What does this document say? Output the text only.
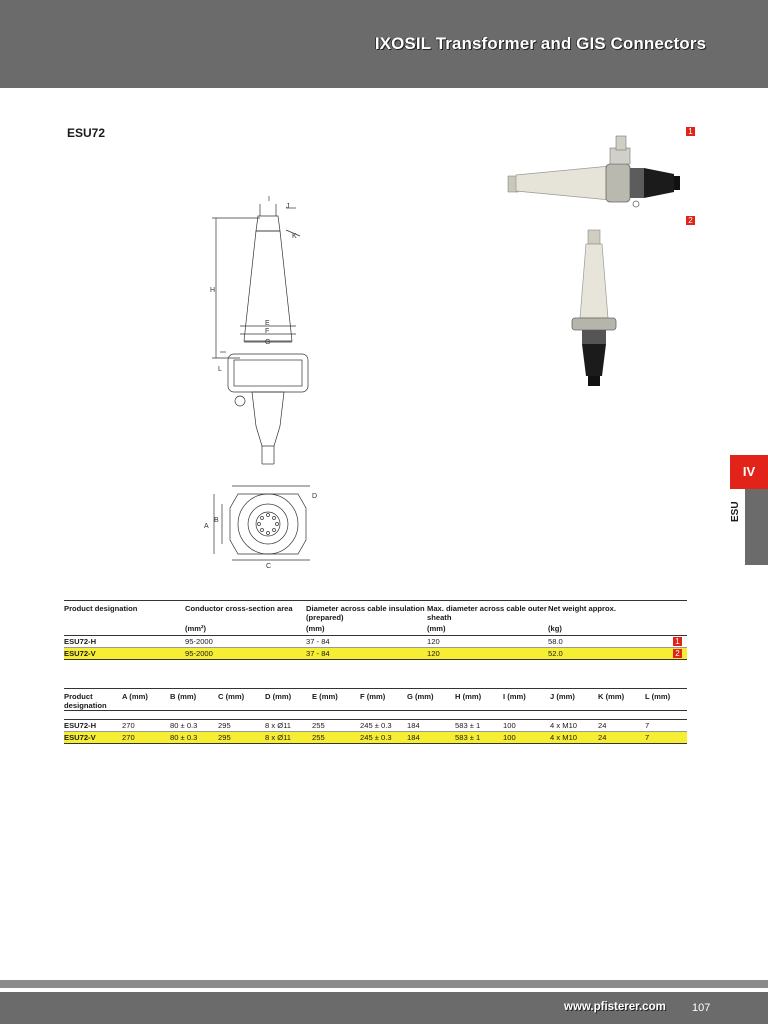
IXOSIL Transformer and GIS Connectors
ESU72	1
2
I
J
K
H
E
F
G
L
D
A
B
C
IV
ESU
Product designation	Conductor cross-section area	Diameter across cable insulation (prepared)	Max. diameter across cable outer sheath	Net weight approx.	
	(mm²)	(mm)	(mm)	(kg)	
ESU72-H	95-2000	37 - 84	120	58.0	1

ESU72-V	95-2000	37 - 84	120	52.0	2
Product designation	A (mm)	B (mm)	C (mm)	D (mm)	E (mm)	F (mm)	G (mm)	H (mm)	I (mm)	J (mm)	K (mm)	L (mm)

ESU72-H	270	80 ± 0.3	295	8 x Ø11	255	245 ± 0.3	184	583 ± 1	100	4 x M10	24	7
ESU72-V	270	80 ± 0.3	295	8 x Ø11	255	245 ± 0.3	184	583 ± 1	100	4 x M10	24	7
www.pfisterer.com 107
